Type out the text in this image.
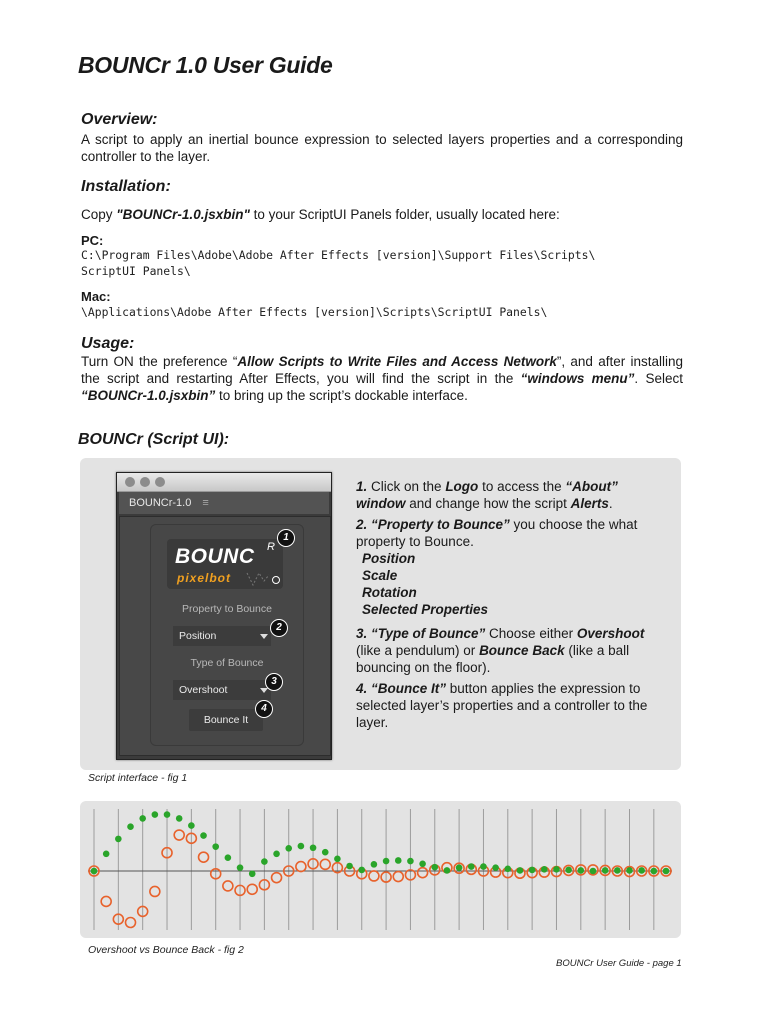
BOUNCr 1.0 User Guide
Overview:
A script to apply an inertial bounce expression to selected layers properties and a corresponding controller to the layer.
Installation:
Copy "BOUNCr-1.0.jsxbin" to your ScriptUI Panels folder, usually located here:
PC:
C:\Program Files\Adobe\Adobe After Effects [version]\Support Files\Scripts\
ScriptUI Panels\
Mac:
\Applications\Adobe After Effects [version]\Scripts\ScriptUI Panels\
Usage:
Turn ON the preference “Allow Scripts to Write Files and Access Network”, and after installing the script and restarting After Effects, you will find the script in the “windows menu”. Select “BOUNCr-1.0.jsxbin” to bring up the script’s dockable interface.
BOUNCr (Script UI):
BOUNCr-1.0 ≡
BOUNC R
pixelbot
1
Property to Bounce
Position
2
Type of Bounce
Overshoot
3
Bounce It
4

1. Click on the Logo to access the “About” window and change how the script Alerts.

2. “Property to Bounce” you choose the what property to Bounce.

Position
Scale
Rotation
Selected Properties

3. “Type of Bounce” Choose either Overshoot (like a pendulum) or Bounce Back (like a ball bouncing on the floor).

4. “Bounce It” button applies the expression to selected layer’s properties and a controller to the layer.

Script interface - fig 1
Overshoot vs Bounce Back - fig 2
BOUNCr User Guide - page 1
